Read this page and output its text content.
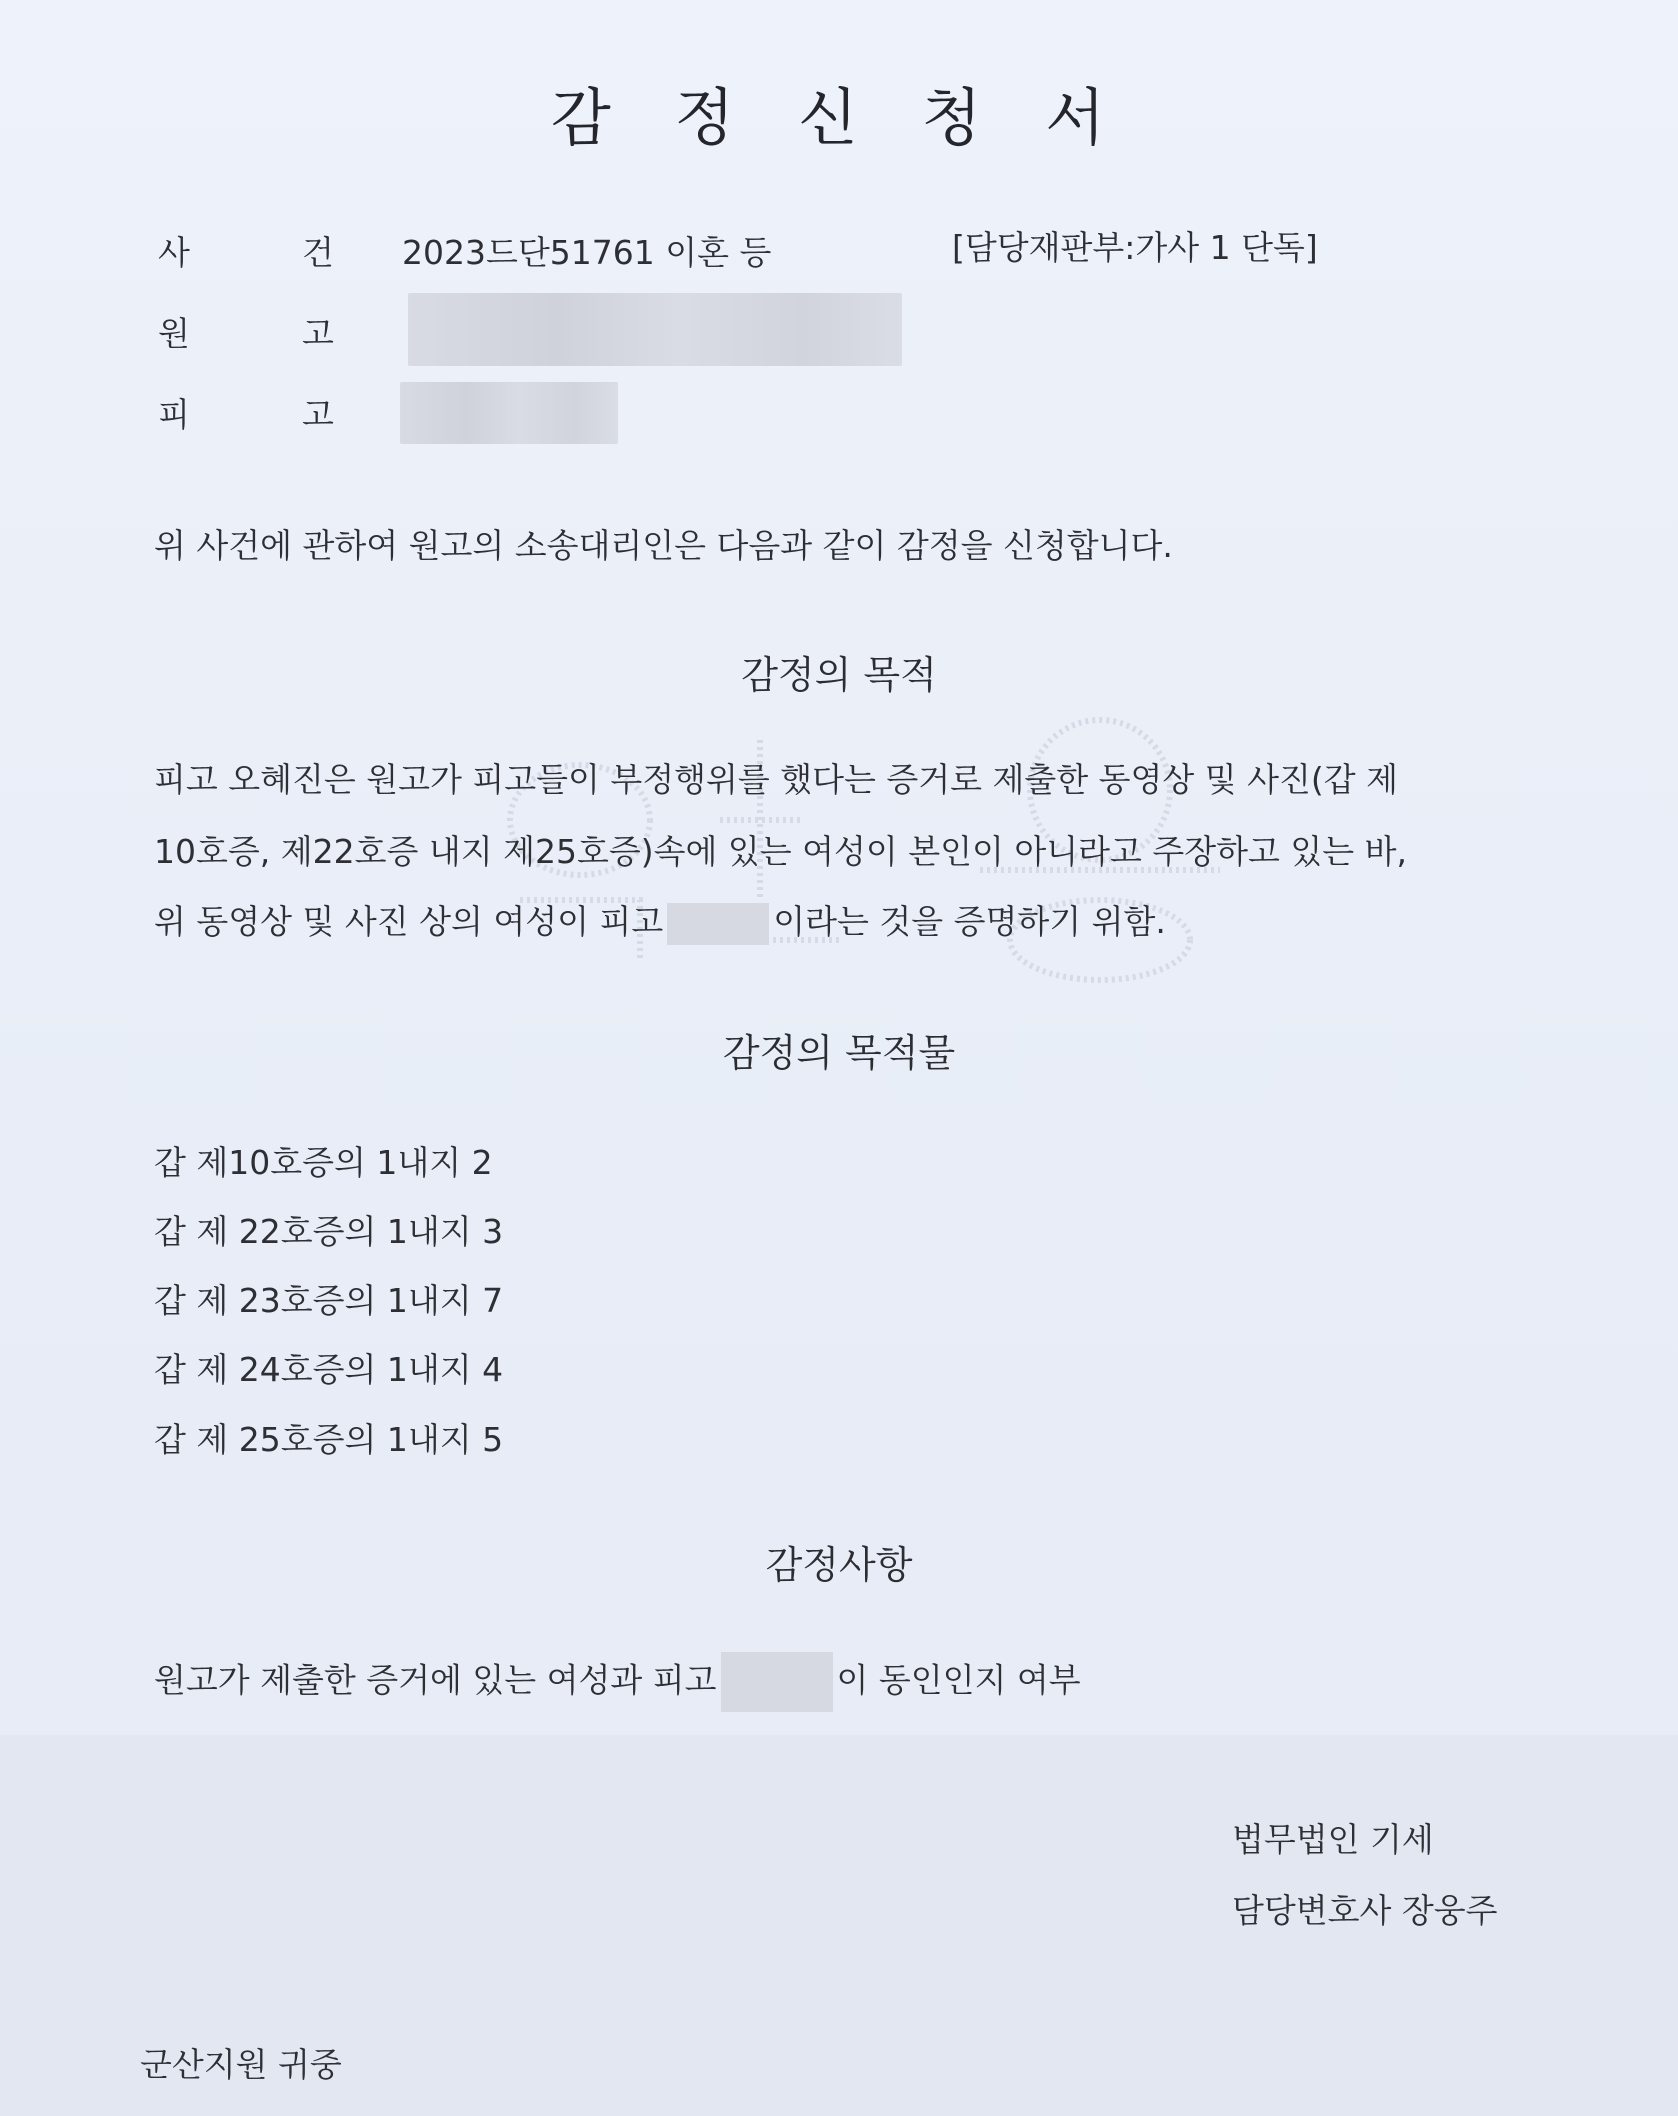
감 정 신 청 서
사	건 2023드단51761 이혼 등	[담당재판부:가사 1 단독]
원	고
피	고
위 사건에 관하여 원고의 소송대리인은 다음과 같이 감정을 신청합니다.
감정의 목적
피고 오혜진은 원고가 피고들이 부정행위를 했다는 증거로 제출한 동영상 및 사진(갑 제
10호증, 제22호증 내지 제25호증)속에 있는 여성이 본인이 아니라고 주장하고 있는 바,
위 동영상 및 사진 상의 여성이 피고	이라는 것을 증명하기 위함.
감정의 목적물
갑 제10호증의 1내지 2
갑 제 22호증의 1내지 3
갑 제 23호증의 1내지 7
갑 제 24호증의 1내지 4
갑 제 25호증의 1내지 5
감정사항
원고가 제출한 증거에 있는 여성과 피고	이 동인인지 여부
법무법인 기세
담당변호사 장웅주
군산지원 귀중
